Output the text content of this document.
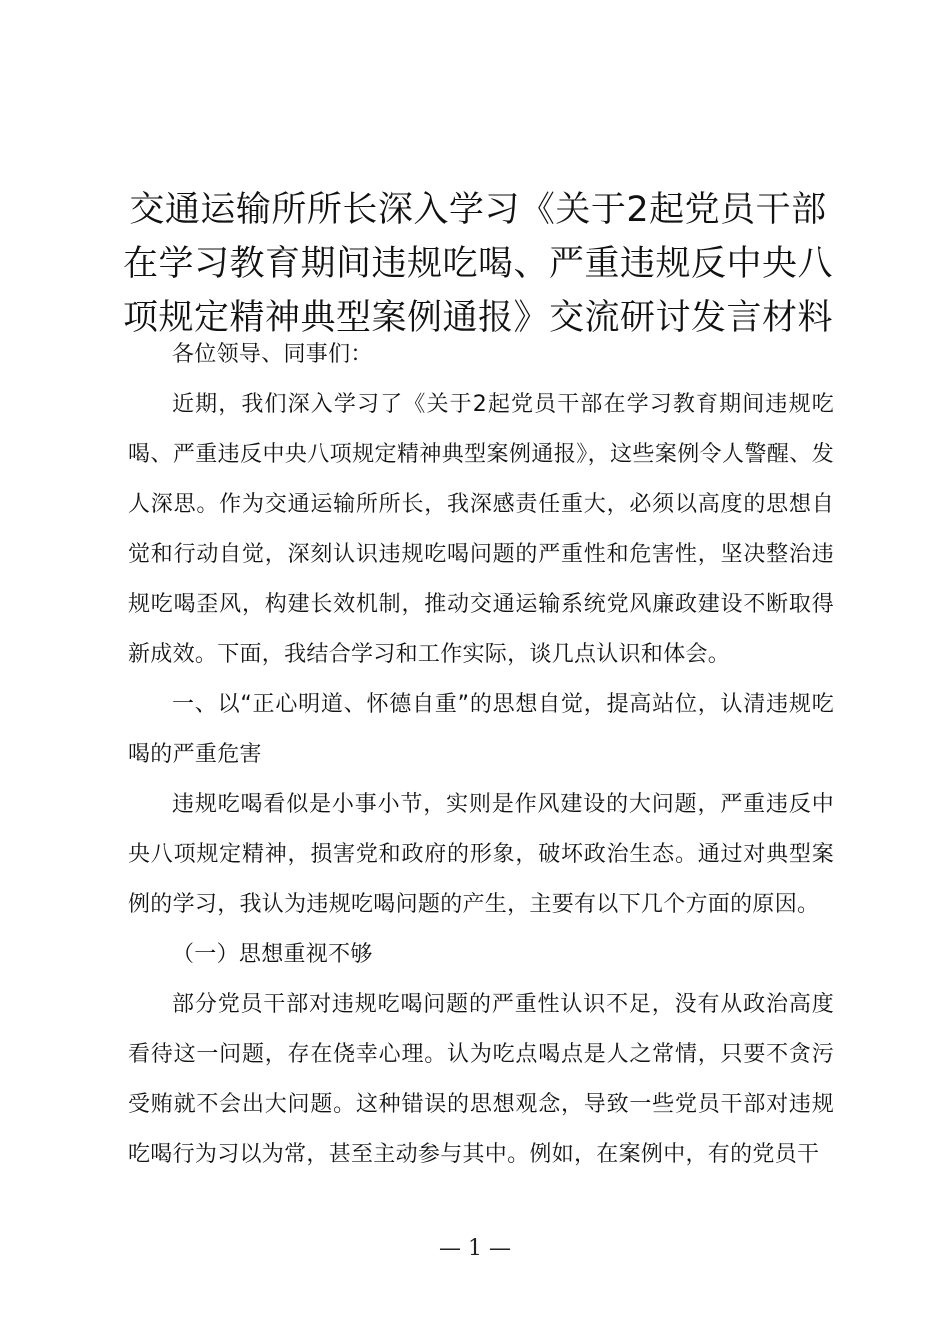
交通运输所所长深入学习《关于2起党员干部在学习教育期间违规吃喝、严重违规反中央八项规定精神典型案例通报》交流研讨发言材料

各位领导、同事们：

近期，我们深入学习了《关于2起党员干部在学习教育期间违规吃喝、严重违反中央八项规定精神典型案例通报》，这些案例令人警醒、发人深思。作为交通运输所所长，我深感责任重大，必须以高度的思想自觉和行动自觉，深刻认识违规吃喝问题的严重性和危害性，坚决整治违规吃喝歪风，构建长效机制，推动交通运输系统党风廉政建设不断取得新成效。下面，我结合学习和工作实际，谈几点认识和体会。

一、以“正心明道、怀德自重”的思想自觉，提高站位，认清违规吃喝的严重危害

违规吃喝看似是小事小节，实则是作风建设的大问题，严重违反中央八项规定精神，损害党和政府的形象，破坏政治生态。通过对典型案例的学习，我认为违规吃喝问题的产生，主要有以下几个方面的原因。

（一）思想重视不够

部分党员干部对违规吃喝问题的严重性认识不足，没有从政治高度看待这一问题，存在侥幸心理。认为吃点喝点是人之常情，只要不贪污受贿就不会出大问题。这种错误的思想观念，导致一些党员干部对违规吃喝行为习以为常，甚至主动参与其中。例如，在案例中，有的党员干

— 1 —
